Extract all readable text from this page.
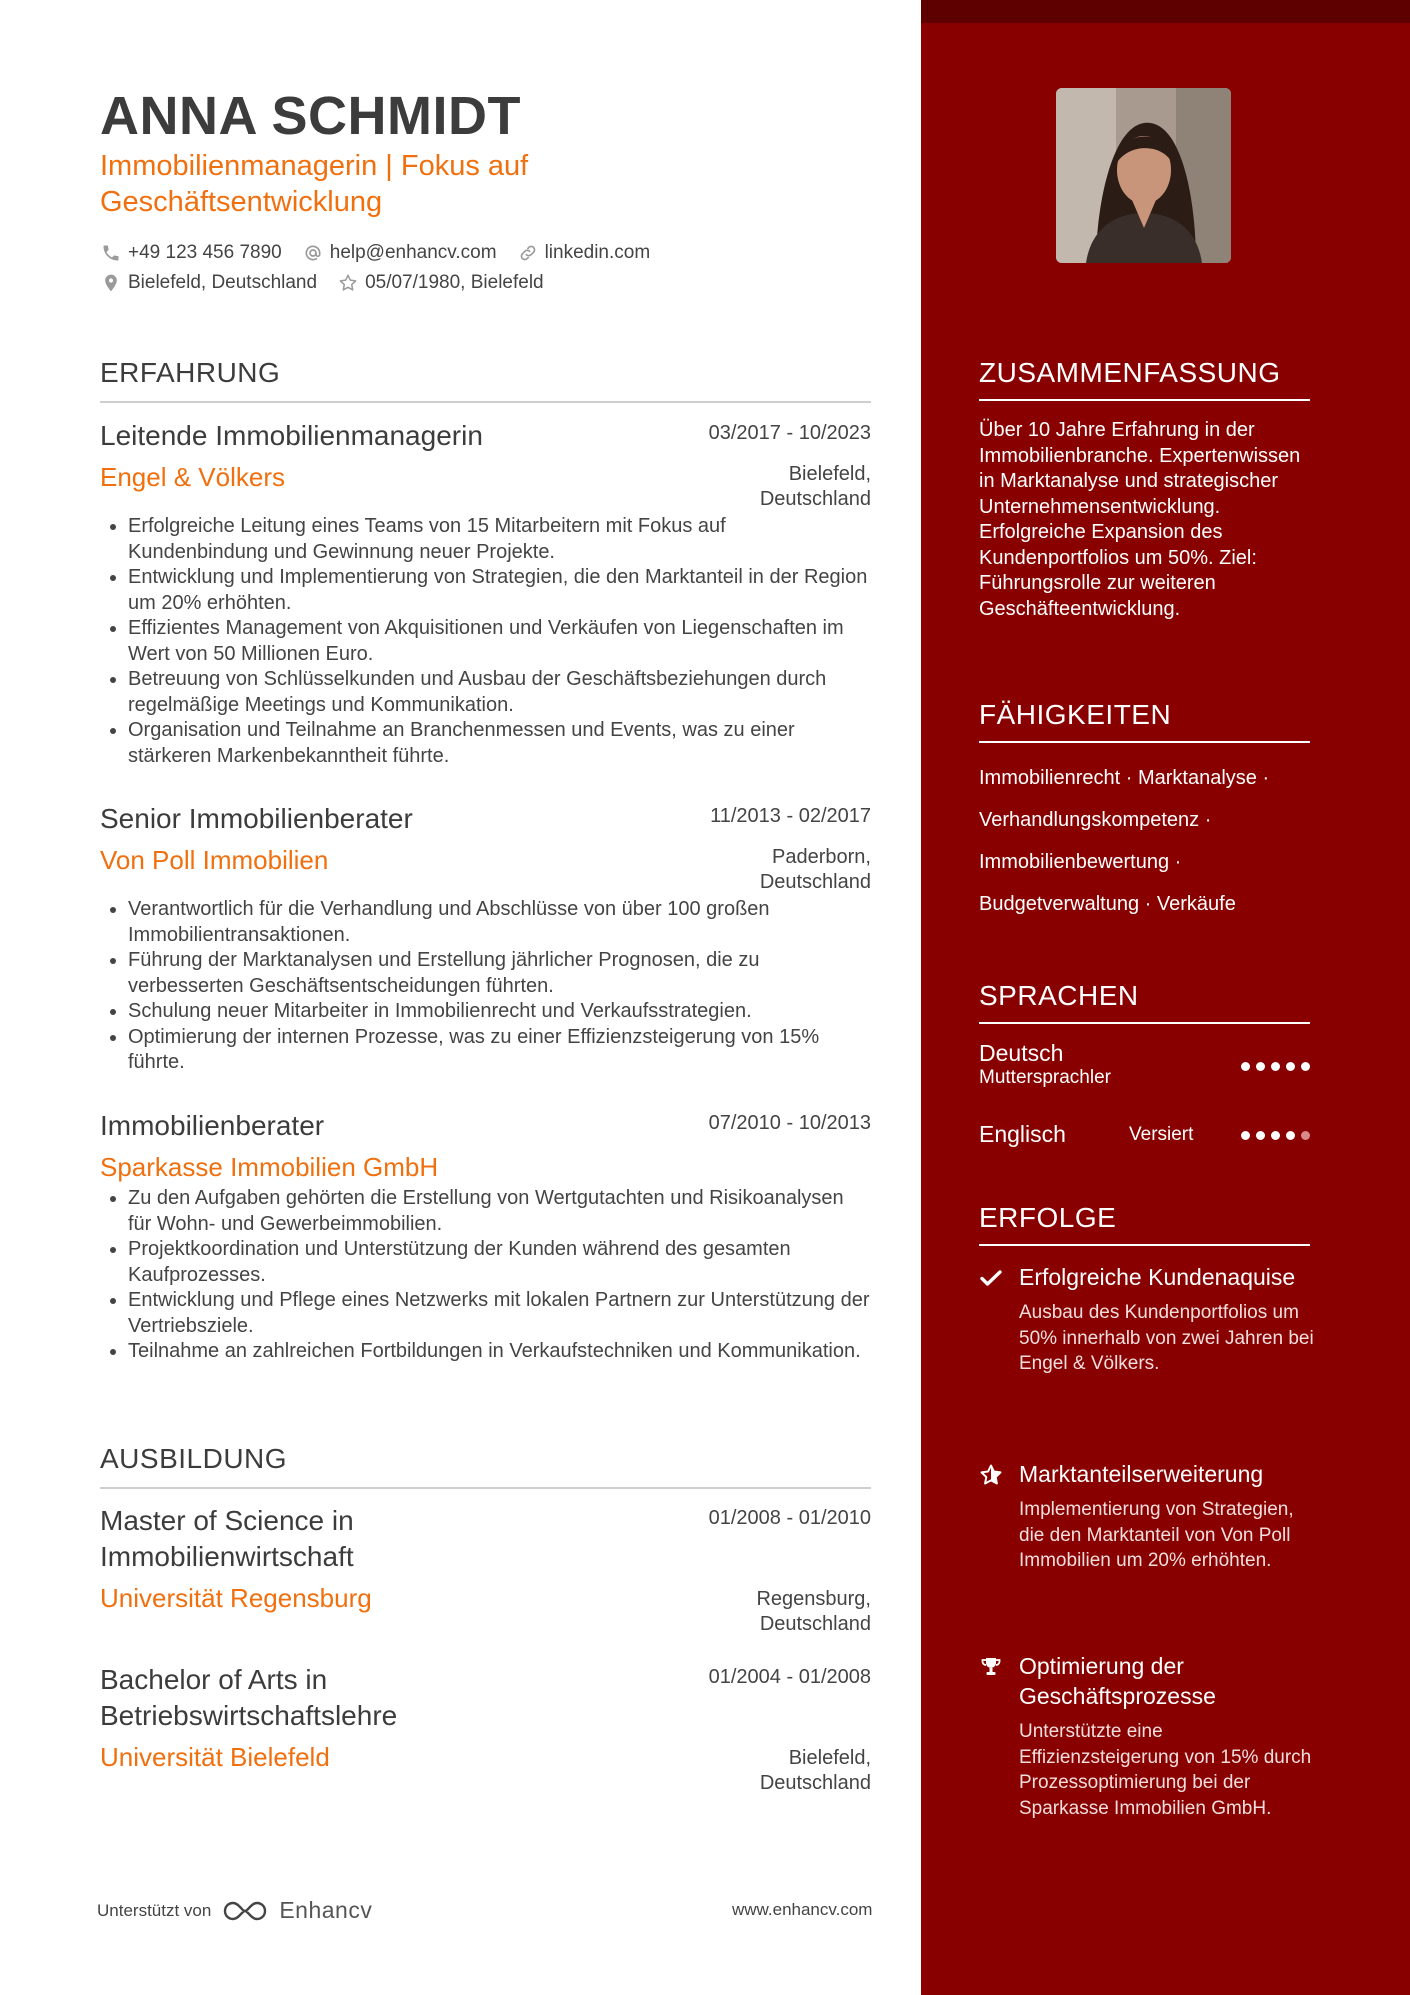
ANNA SCHMIDT
Immobilienmanagerin | Fokus auf Geschäftsentwicklung
+49 123 456 7890	help@enhancv.com	linkedin.com
Bielefeld, Deutschland	05/07/1980, Bielefeld
ERFAHRUNG
Leitende Immobilienmanagerin	03/2017 - 10/2023
Engel & Völkers	Bielefeld, Deutschland
• Erfolgreiche Leitung eines Teams von 15 Mitarbeitern mit Fokus auf Kundenbindung und Gewinnung neuer Projekte.
• Entwicklung und Implementierung von Strategien, die den Marktanteil in der Region um 20% erhöhten.
• Effizientes Management von Akquisitionen und Verkäufen von Liegenschaften im Wert von 50 Millionen Euro.
• Betreuung von Schlüsselkunden und Ausbau der Geschäftsbeziehungen durch regelmäßige Meetings und Kommunikation.
• Organisation und Teilnahme an Branchenmessen und Events, was zu einer stärkeren Markenbekanntheit führte.
Senior Immobilienberater	11/2013 - 02/2017
Von Poll Immobilien	Paderborn, Deutschland
• Verantwortlich für die Verhandlung und Abschlüsse von über 100 großen Immobilientransaktionen.
• Führung der Marktanalysen und Erstellung jährlicher Prognosen, die zu verbesserten Geschäftsentscheidungen führten.
• Schulung neuer Mitarbeiter in Immobilienrecht und Verkaufsstrategien.
• Optimierung der internen Prozesse, was zu einer Effizienzsteigerung von 15% führte.
Immobilienberater	07/2010 - 10/2013
Sparkasse Immobilien GmbH
• Zu den Aufgaben gehörten die Erstellung von Wertgutachten und Risikoanalysen für Wohn- und Gewerbeimmobilien.
• Projektkoordination und Unterstützung der Kunden während des gesamten Kaufprozesses.
• Entwicklung und Pflege eines Netzwerks mit lokalen Partnern zur Unterstützung der Vertriebsziele.
• Teilnahme an zahlreichen Fortbildungen in Verkaufstechniken und Kommunikation.
AUSBILDUNG
Master of Science in Immobilienwirtschaft
01/2008 - 01/2010
Universität Regensburg	Regensburg, Deutschland
Bachelor of Arts in Betriebswirtschaftslehre
01/2004 - 01/2008
Universität Bielefeld	Bielefeld, Deutschland
Unterstützt von	Enhancv	www.enhancv.com
ZUSAMMENFASSUNG
Über 10 Jahre Erfahrung in der Immobilienbranche. Expertenwissen in Marktanalyse und strategischer Unternehmensentwicklung. Erfolgreiche Expansion des Kundenportfolios um 50%. Ziel: Führungsrolle zur weiteren Geschäfteentwicklung.
FÄHIGKEITEN
Immobilienrecht · Marktanalyse ·
Verhandlungskompetenz ·
Immobilienbewertung ·
Budgetverwaltung · Verkäufe
SPRACHEN
Deutsch
Muttersprachler
Englisch	Versiert
ERFOLGE
Erfolgreiche Kundenaquise
Ausbau des Kundenportfolios um 50% innerhalb von zwei Jahren bei Engel & Völkers.
Marktanteilserweiterung
Implementierung von Strategien, die den Marktanteil von Von Poll Immobilien um 20% erhöhten.
Optimierung der Geschäftsprozesse
Unterstützte eine Effizienzsteigerung von 15% durch Prozessoptimierung bei der Sparkasse Immobilien GmbH.
